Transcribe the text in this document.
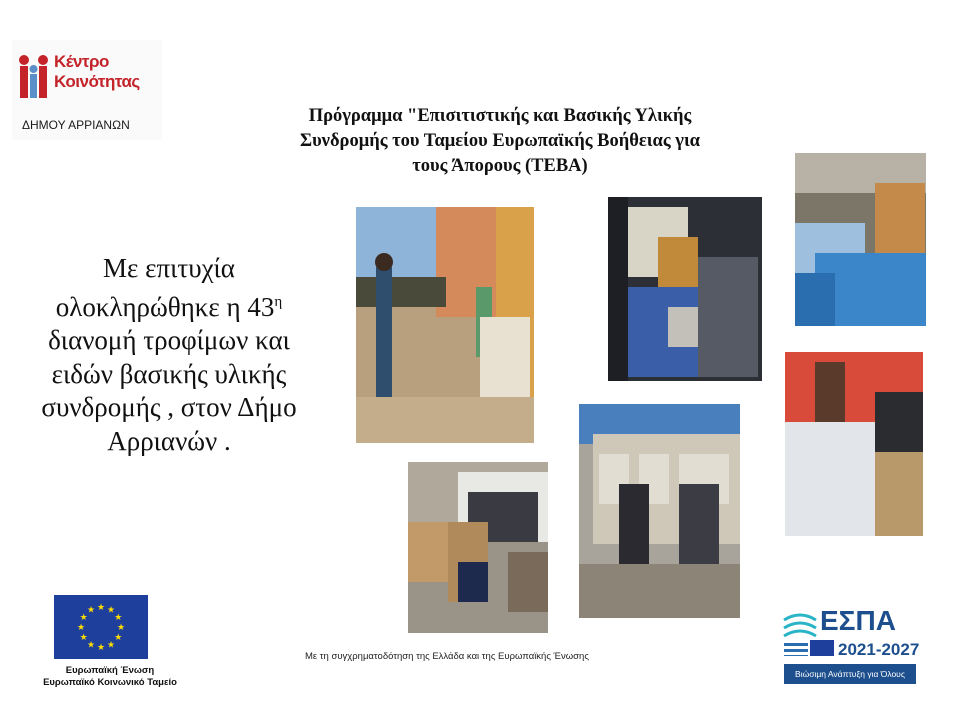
Κέντρο
Κοινότητας
ΔΗΜΟΥ ΑΡΡΙΑΝΩΝ	Πρόγραμμα "Επισιτιστικής και Βασικής Υλικής
Συνδρομής του Ταμείου Ευρωπαϊκής Βοήθειας για
τους Άπορους (ΤΕΒΑ)
Με επιτυχία
ολοκληρώθηκε η $43^\eta$
διανομή τροφίμων και
ειδών βασικής υλικής
συνδρομής , στον Δήμο
Αρριανών .
★ ★
★
★
★
★
★
★
★
★
★
★
Ευρωπαϊκή Ένωση
Ευρωπαϊκό Κοινωνικό Ταμείο
Με τη συγχρηματοδότηση της Ελλάδα και της Ευρωπαϊκής Ένωσης
ΕΣΠΑ
2021-2027
Βιώσιμη Ανάπτυξη για Όλους
